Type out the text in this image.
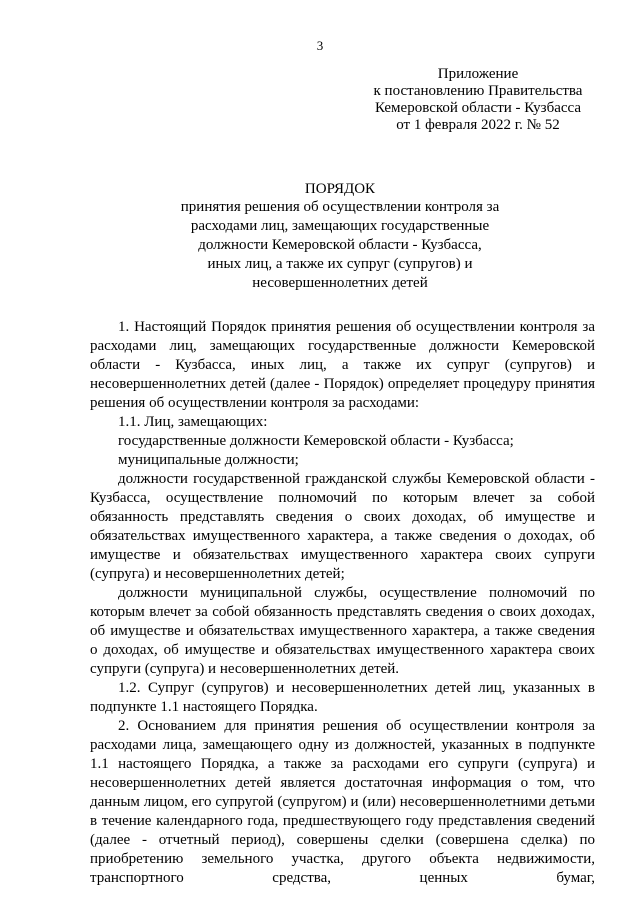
3
Приложение
к постановлению Правительства
Кемеровской области - Кузбасса
от 1 февраля 2022 г. № 52
ПОРЯДОК
принятия решения об осуществлении контроля за
расходами лиц, замещающих государственные
должности Кемеровской области - Кузбасса,
иных лиц, а также их супруг (супругов) и
несовершеннолетних детей

1. Настоящий Порядок принятия решения об осуществлении контроля за расходами лиц, замещающих государственные должности Кемеровской области - Кузбасса, иных лиц, а также их супруг (супругов) и несовершеннолетних детей (далее - Порядок) определяет процедуру принятия решения об осуществлении контроля за расходами:

1.1. Лиц, замещающих:

государственные должности Кемеровской области - Кузбасса;

муниципальные должности;

должности государственной гражданской службы Кемеровской области - Кузбасса, осуществление полномочий по которым влечет за собой обязанность представлять сведения о своих доходах, об имуществе и обязательствах имущественного характера, а также сведения о доходах, об имуществе и обязательствах имущественного характера своих супруги (супруга) и несовершеннолетних детей;

должности муниципальной службы, осуществление полномочий по которым влечет за собой обязанность представлять сведения о своих доходах, об имуществе и обязательствах имущественного характера, а также сведения о доходах, об имуществе и обязательствах имущественного характера своих супруги (супруга) и несовершеннолетних детей.

1.2. Супруг (супругов) и несовершеннолетних детей лиц, указанных в подпункте 1.1 настоящего Порядка.

2. Основанием для принятия решения об осуществлении контроля за расходами лица, замещающего одну из должностей, указанных в подпункте 1.1 настоящего Порядка, а также за расходами его супруги (супруга) и несовершеннолетних детей является достаточная информация о том, что данным лицом, его супругой (супругом) и (или) несовершеннолетними детьми в течение календарного года, предшествующего году представления сведений (далее - отчетный период), совершены сделки (совершена сделка) по приобретению земельного участка, другого объекта недвижимости, транспортного средства, ценных бумаг,
